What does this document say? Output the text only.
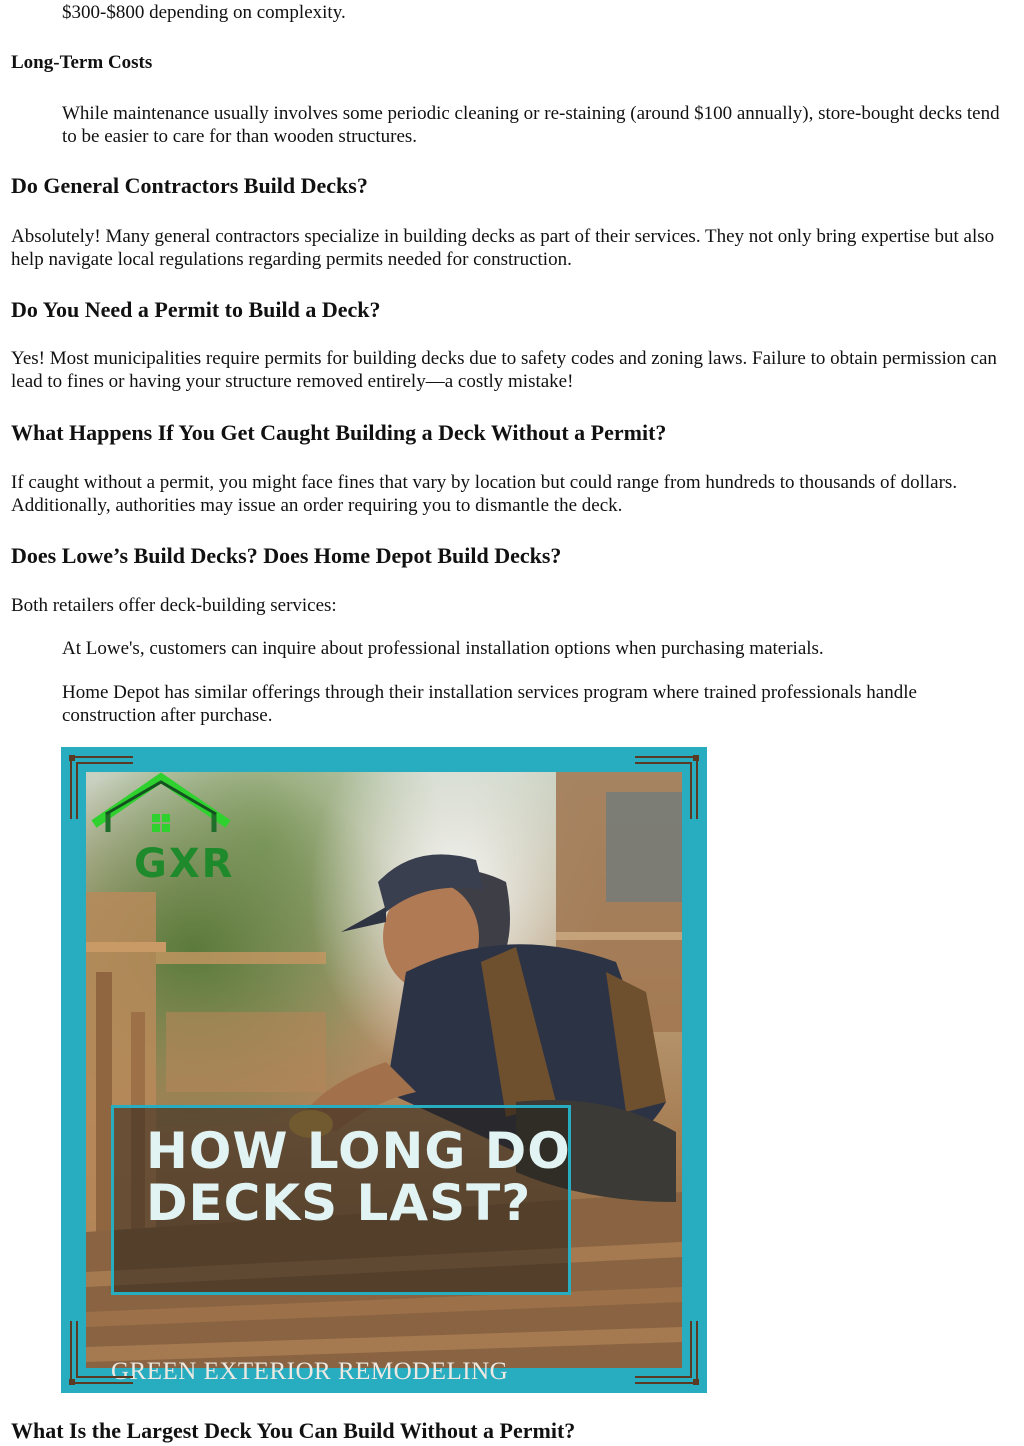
$300-$800 depending on complexity.

Long-Term Costs

While maintenance usually involves some periodic cleaning or re-staining (around $100 annually), store-bought decks tend to be easier to care for than wooden structures.

Do General Contractors Build Decks?

Absolutely! Many general contractors specialize in building decks as part of their services. They not only bring expertise but also help navigate local regulations regarding permits needed for construction.

Do You Need a Permit to Build a Deck?

Yes! Most municipalities require permits for building decks due to safety codes and zoning laws. Failure to obtain permission can lead to fines or having your structure removed entirely—a costly mistake!

What Happens If You Get Caught Building a Deck Without a Permit?

If caught without a permit, you might face fines that vary by location but could range from hundreds to thousands of dollars. Additionally, authorities may issue an order requiring you to dismantle the deck.

Does Lowe’s Build Decks? Does Home Depot Build Decks?

Both retailers offer deck-building services:

At Lowe's, customers can inquire about professional installation options when purchasing materials.

Home Depot has similar offerings through their installation services program where trained professionals handle construction after purchase.

GXR
HOW LONG DO
DECKS LAST?
GREEN EXTERIOR REMODELING
What Is the Largest Deck You Can Build Without a Permit?
